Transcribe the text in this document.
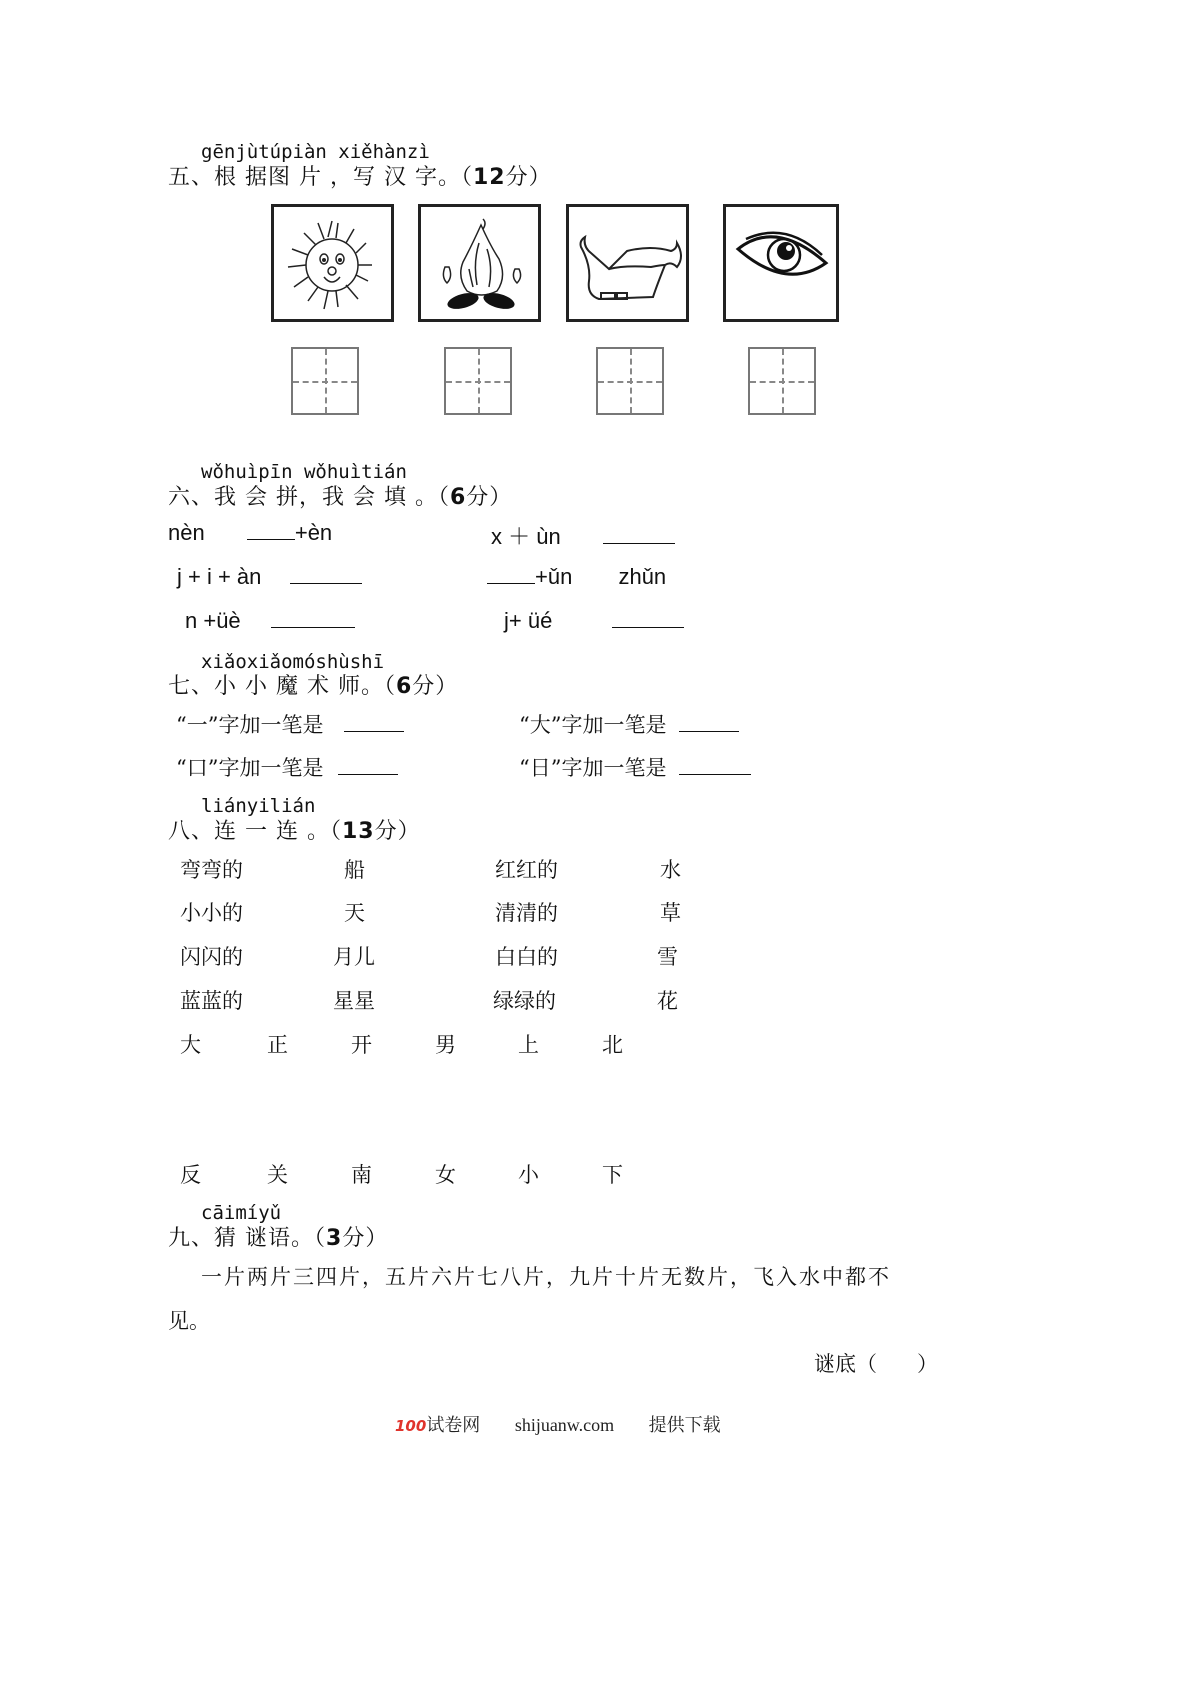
gēnjùtúpiàn xiěhànzì
五、根 据图 片 ，写 汉 字。（12分）
wǒhuìpīn wǒhuìtián
六、我 会 拼，我 会 填 。（6分）
nèn	+èn	x ＋ ùn
j + i + àn	+ǔn zhǔn
n +üè	j+ üé
xiǎoxiǎomóshùshī
七、小 小 魔 术 师。（6分）
“一”字加一笔是	“大”字加一笔是
“口”字加一笔是	“日”字加一笔是
liányilián
八、连 一 连 。（13分）
弯弯的	船	红红的	水
小小的	天	清清的	草
闪闪的	月儿	白白的	雪
蓝蓝的	星星	绿绿的	花
大	正	开	男	上	北
反	关	南	女	小	下
cāimíyǔ
九、猜 谜语。（3分）
一片两片三四片，五片六片七八片，九片十片无数片，飞入水中都不
见。
谜底（ ）
100试卷网 shijuanw.com 提供下载
